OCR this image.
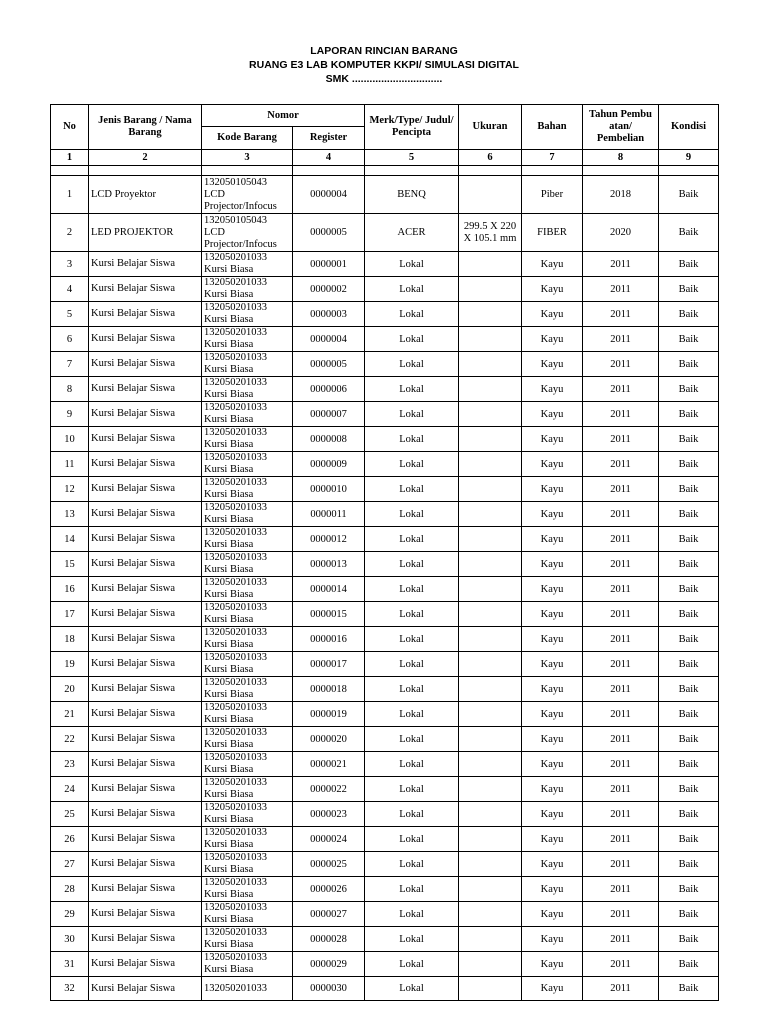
LAPORAN RINCIAN BARANG
RUANG E3 LAB KOMPUTER KKPI/ SIMULASI DIGITAL
SMK ...............................
No	Jenis Barang / Nama Barang	Nomor		Merk/Type/ Judul/ Pencipta	Ukuran	Bahan	Tahun Pembu atan/ Pembelian	Kondisi
		Kode Barang	Register					
1	2	3	4	5	6	7	8	9

1	LCD Proyektor	132050105043 LCD Projector/Infocus	0000004	BENQ		Piber	2018	Baik
2	LED PROJEKTOR	132050105043 LCD Projector/Infocus	0000005	ACER	299.5 X 220 X 105.1 mm	FIBER	2020	Baik
3	Kursi Belajar Siswa	132050201033 Kursi Biasa	0000001	Lokal		Kayu	2011	Baik
4	Kursi Belajar Siswa	132050201033 Kursi Biasa	0000002	Lokal		Kayu	2011	Baik
5	Kursi Belajar Siswa	132050201033 Kursi Biasa	0000003	Lokal		Kayu	2011	Baik
6	Kursi Belajar Siswa	132050201033 Kursi Biasa	0000004	Lokal		Kayu	2011	Baik
7	Kursi Belajar Siswa	132050201033 Kursi Biasa	0000005	Lokal		Kayu	2011	Baik
8	Kursi Belajar Siswa	132050201033 Kursi Biasa	0000006	Lokal		Kayu	2011	Baik
9	Kursi Belajar Siswa	132050201033 Kursi Biasa	0000007	Lokal		Kayu	2011	Baik
10	Kursi Belajar Siswa	132050201033 Kursi Biasa	0000008	Lokal		Kayu	2011	Baik
11	Kursi Belajar Siswa	132050201033 Kursi Biasa	0000009	Lokal		Kayu	2011	Baik
12	Kursi Belajar Siswa	132050201033 Kursi Biasa	0000010	Lokal		Kayu	2011	Baik
13	Kursi Belajar Siswa	132050201033 Kursi Biasa	0000011	Lokal		Kayu	2011	Baik
14	Kursi Belajar Siswa	132050201033 Kursi Biasa	0000012	Lokal		Kayu	2011	Baik
15	Kursi Belajar Siswa	132050201033 Kursi Biasa	0000013	Lokal		Kayu	2011	Baik
16	Kursi Belajar Siswa	132050201033 Kursi Biasa	0000014	Lokal		Kayu	2011	Baik
17	Kursi Belajar Siswa	132050201033 Kursi Biasa	0000015	Lokal		Kayu	2011	Baik
18	Kursi Belajar Siswa	132050201033 Kursi Biasa	0000016	Lokal		Kayu	2011	Baik
19	Kursi Belajar Siswa	132050201033 Kursi Biasa	0000017	Lokal		Kayu	2011	Baik
20	Kursi Belajar Siswa	132050201033 Kursi Biasa	0000018	Lokal		Kayu	2011	Baik
21	Kursi Belajar Siswa	132050201033 Kursi Biasa	0000019	Lokal		Kayu	2011	Baik
22	Kursi Belajar Siswa	132050201033 Kursi Biasa	0000020	Lokal		Kayu	2011	Baik
23	Kursi Belajar Siswa	132050201033 Kursi Biasa	0000021	Lokal		Kayu	2011	Baik
24	Kursi Belajar Siswa	132050201033 Kursi Biasa	0000022	Lokal		Kayu	2011	Baik
25	Kursi Belajar Siswa	132050201033 Kursi Biasa	0000023	Lokal		Kayu	2011	Baik
26	Kursi Belajar Siswa	132050201033 Kursi Biasa	0000024	Lokal		Kayu	2011	Baik
27	Kursi Belajar Siswa	132050201033 Kursi Biasa	0000025	Lokal		Kayu	2011	Baik
28	Kursi Belajar Siswa	132050201033 Kursi Biasa	0000026	Lokal		Kayu	2011	Baik
29	Kursi Belajar Siswa	132050201033 Kursi Biasa	0000027	Lokal		Kayu	2011	Baik
30	Kursi Belajar Siswa	132050201033 Kursi Biasa	0000028	Lokal		Kayu	2011	Baik
31	Kursi Belajar Siswa	132050201033 Kursi Biasa	0000029	Lokal		Kayu	2011	Baik
32	Kursi Belajar Siswa	132050201033	0000030	Lokal		Kayu	2011	Baik
